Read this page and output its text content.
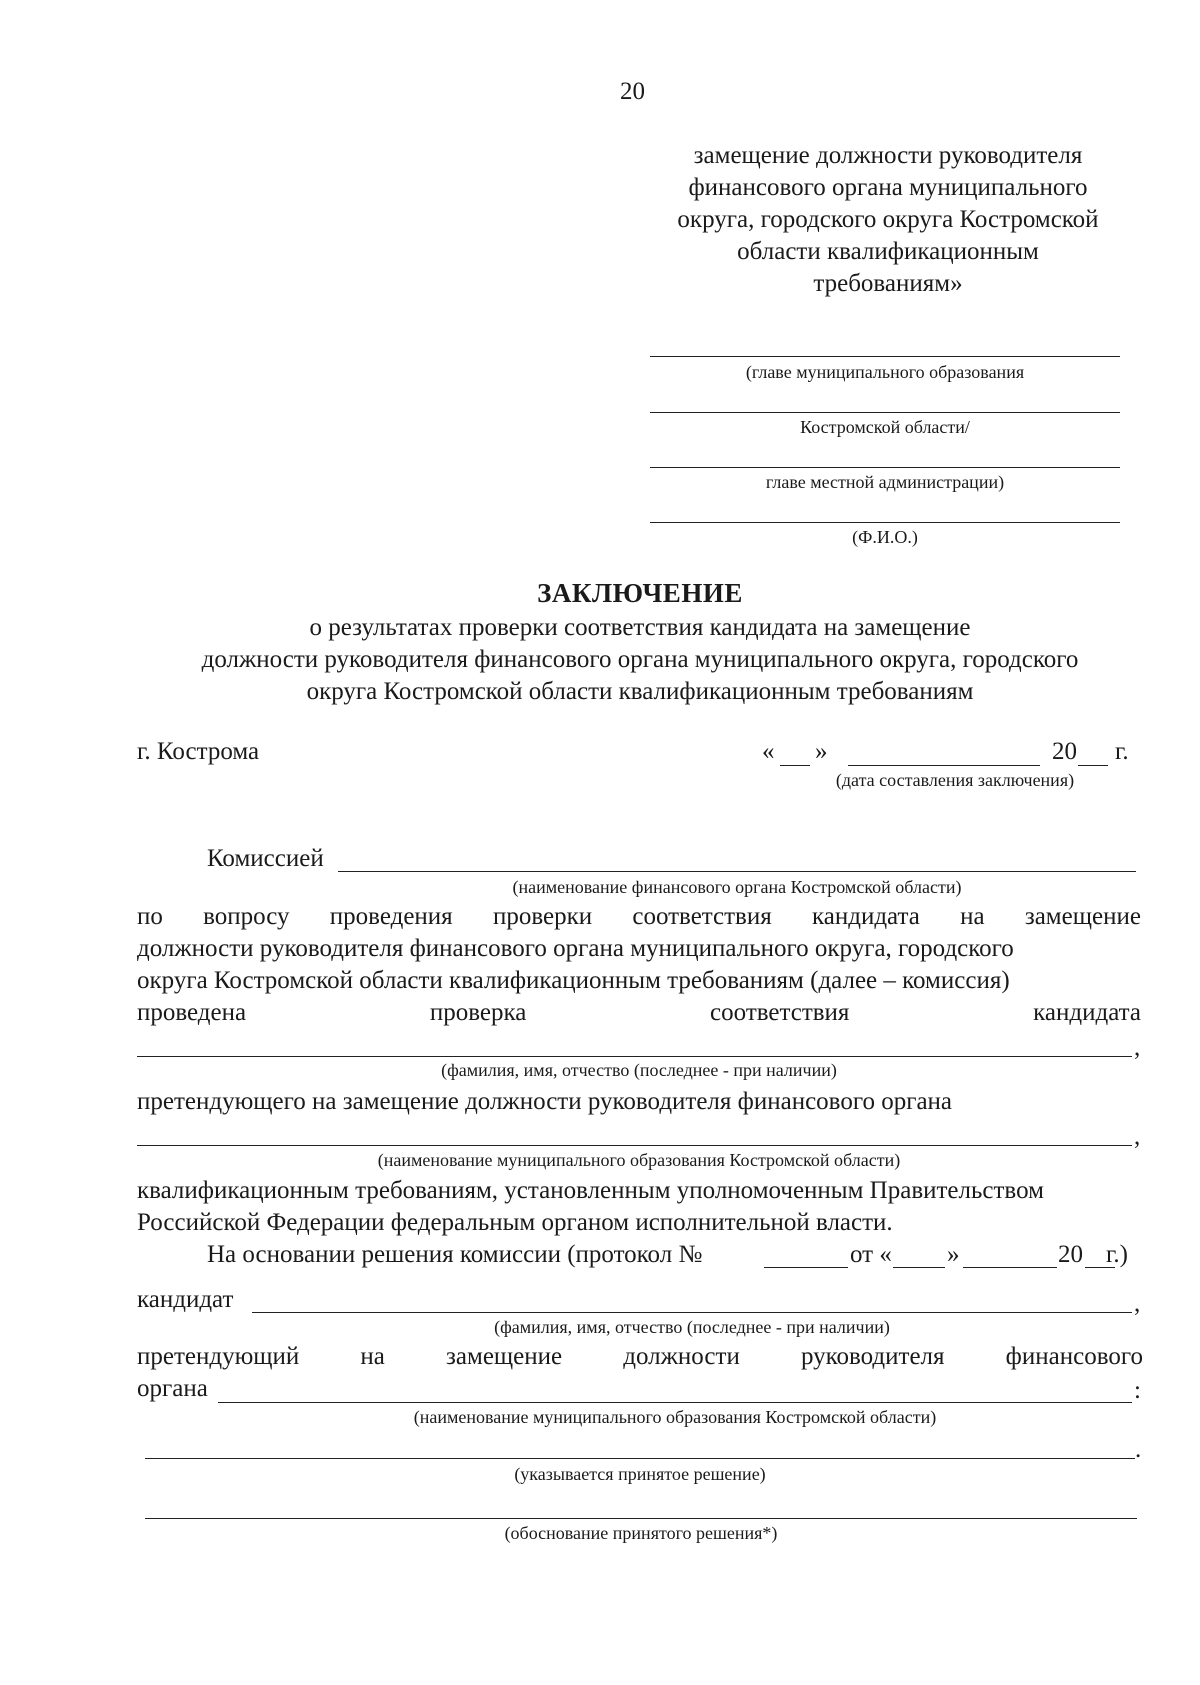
20
замещение должности руководителя
финансового органа муниципального
округа, городского округа Костромской
области квалификационным
требованиям»
(главе муниципального образования
Костромской области/
главе местной администрации)
(Ф.И.О.)
ЗАКЛЮЧЕНИЕ
о результатах проверки соответствия кандидата на замещение
должности руководителя финансового органа муниципального округа, городского
округа Костромской области квалификационным требованиям
г. Кострома	« »	20 г.
(дата составления заключения)
Комиссией
(наименование финансового органа Костромской области)
по вопросу проведения проверки соответствия кандидата на замещение
должности руководителя финансового органа муниципального округа, городского
округа Костромской области квалификационным требованиям (далее – комиссия)
проведена	проверка	соответствия	кандидата
,
(фамилия, имя, отчество (последнее - при наличии)
претендующего на замещение должности руководителя финансового органа
,
(наименование муниципального образования Костромской области)
квалификационным требованиям, установленным уполномоченным Правительством
Российской Федерации федеральным органом исполнительной власти.
На основании решения комиссии (протокол №	от « »	20 г.)
кандидат	,
(фамилия, имя, отчество (последнее - при наличии)
претендующий на замещение должности руководителя финансового
органа	:
(наименование муниципального образования Костромской области)
.
(указывается принятое решение)
(обоснование принятого решения*)
